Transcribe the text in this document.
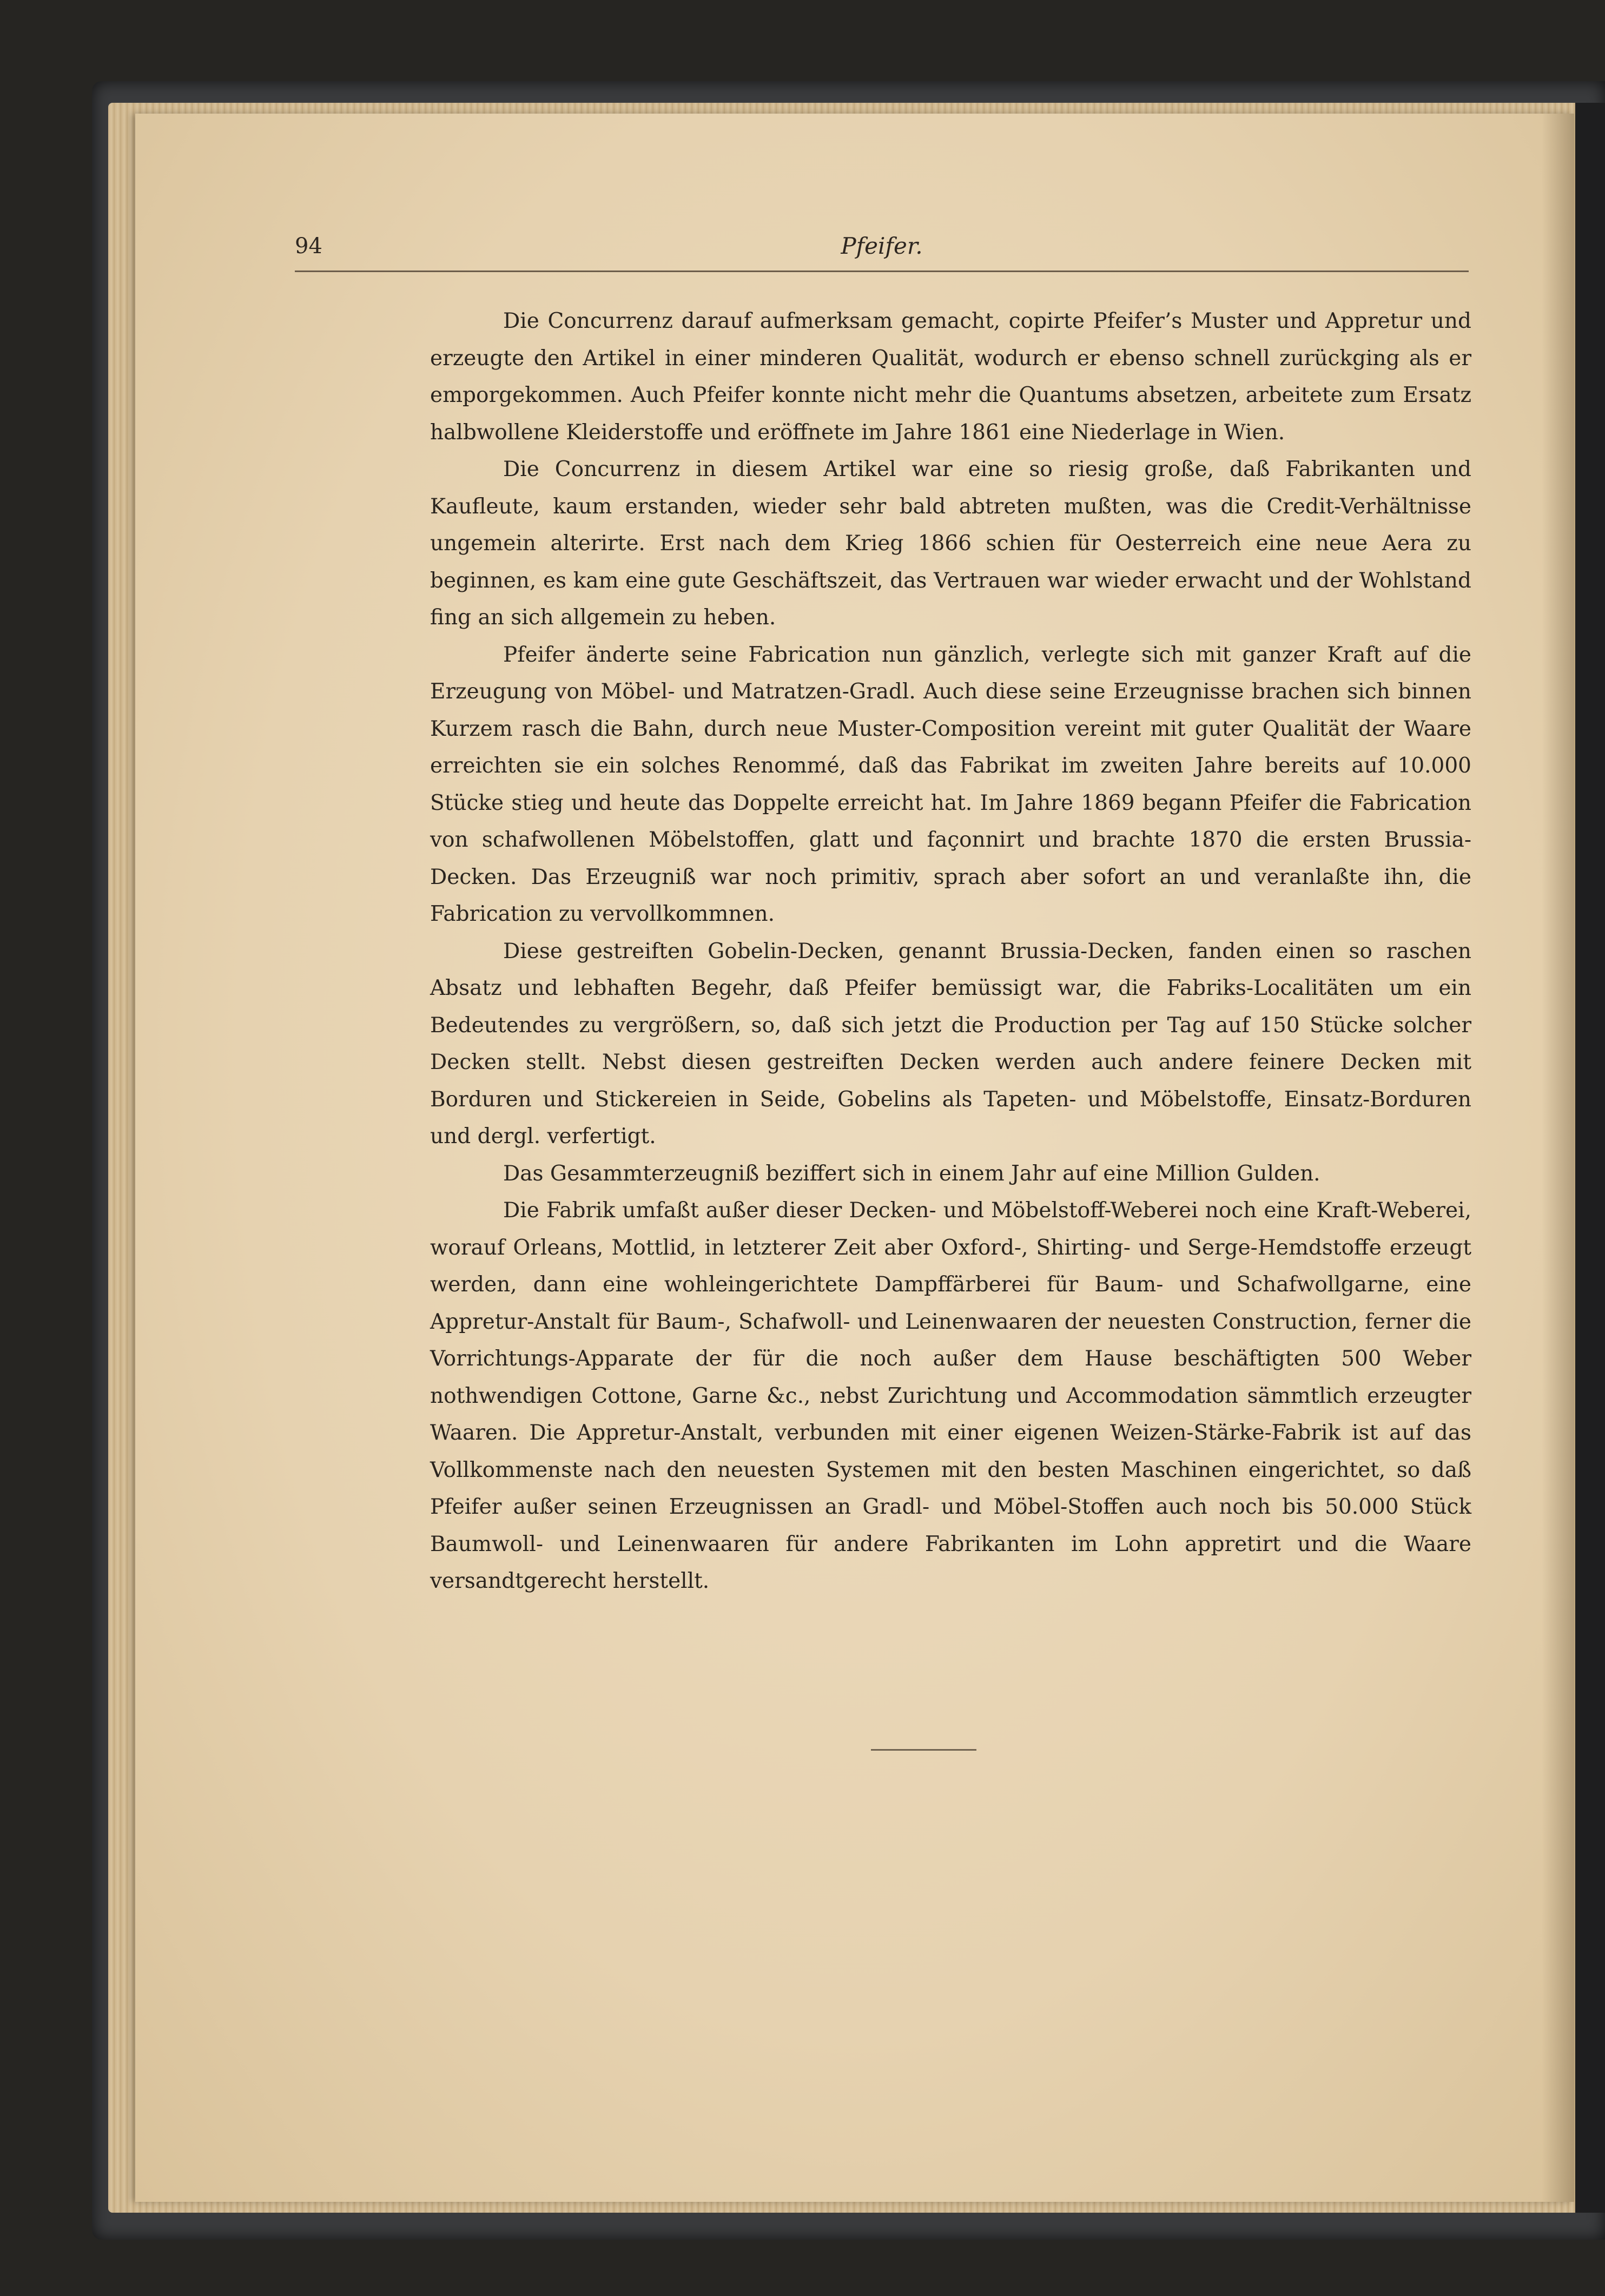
94	Pfeifer.

Die Concurrenz darauf aufmerksam gemacht, copirte Pfeifer’s Muster und Appretur und erzeugte den Artikel in einer minderen Qualität, wodurch er ebenso schnell zurückging als er emporgekommen. Auch Pfeifer konnte nicht mehr die Quantums absetzen, arbeitete zum Ersatz halbwollene Kleiderstoffe und eröffnete im Jahre 1861 eine Niederlage in Wien.

Die Concurrenz in diesem Artikel war eine so riesig große, daß Fabrikanten und Kaufleute, kaum erstanden, wieder sehr bald abtreten mußten, was die Credit-Verhältnisse ungemein alterirte. Erst nach dem Krieg 1866 schien für Oesterreich eine neue Aera zu beginnen, es kam eine gute Geschäftszeit, das Vertrauen war wieder erwacht und der Wohlstand fing an sich allgemein zu heben.

Pfeifer änderte seine Fabrication nun gänzlich, verlegte sich mit ganzer Kraft auf die Erzeugung von Möbel- und Matratzen-Gradl. Auch diese seine Erzeugnisse brachen sich binnen Kurzem rasch die Bahn, durch neue Muster-Composition vereint mit guter Qualität der Waare erreichten sie ein solches Renommé, daß das Fabrikat im zweiten Jahre bereits auf 10.000 Stücke stieg und heute das Doppelte erreicht hat. Im Jahre 1869 begann Pfeifer die Fabrication von schafwollenen Möbelstoffen, glatt und façonnirt und brachte 1870 die ersten Brussia-Decken. Das Erzeugniß war noch primitiv, sprach aber sofort an und veranlaßte ihn, die Fabrication zu vervollkommnen.

Diese gestreiften Gobelin-Decken, genannt Brussia-Decken, fanden einen so raschen Absatz und lebhaften Begehr, daß Pfeifer bemüssigt war, die Fabriks-Localitäten um ein Bedeutendes zu vergrößern, so, daß sich jetzt die Production per Tag auf 150 Stücke solcher Decken stellt. Nebst diesen gestreiften Decken werden auch andere feinere Decken mit Borduren und Stickereien in Seide, Gobelins als Tapeten- und Möbelstoffe, Einsatz-Borduren und dergl. verfertigt.

Das Gesammterzeugniß beziffert sich in einem Jahr auf eine Million Gulden.

Die Fabrik umfaßt außer dieser Decken- und Möbelstoff-Weberei noch eine Kraft-Weberei, worauf Orleans, Mottlid, in letzterer Zeit aber Oxford-, Shirting- und Serge-Hemdstoffe erzeugt werden, dann eine wohleingerichtete Dampffärberei für Baum- und Schafwollgarne, eine Appretur-Anstalt für Baum-, Schafwoll- und Leinenwaaren der neuesten Construction, ferner die Vorrichtungs-Apparate der für die noch außer dem Hause beschäftigten 500 Weber nothwendigen Cottone, Garne &c., nebst Zurichtung und Accommodation sämmtlich erzeugter Waaren. Die Appretur-Anstalt, verbunden mit einer eigenen Weizen-Stärke-Fabrik ist auf das Vollkommenste nach den neuesten Systemen mit den besten Maschinen eingerichtet, so daß Pfeifer außer seinen Erzeugnissen an Gradl- und Möbel-Stoffen auch noch bis 50.000 Stück Baumwoll- und Leinenwaaren für andere Fabrikanten im Lohn appretirt und die Waare versandtgerecht herstellt.
